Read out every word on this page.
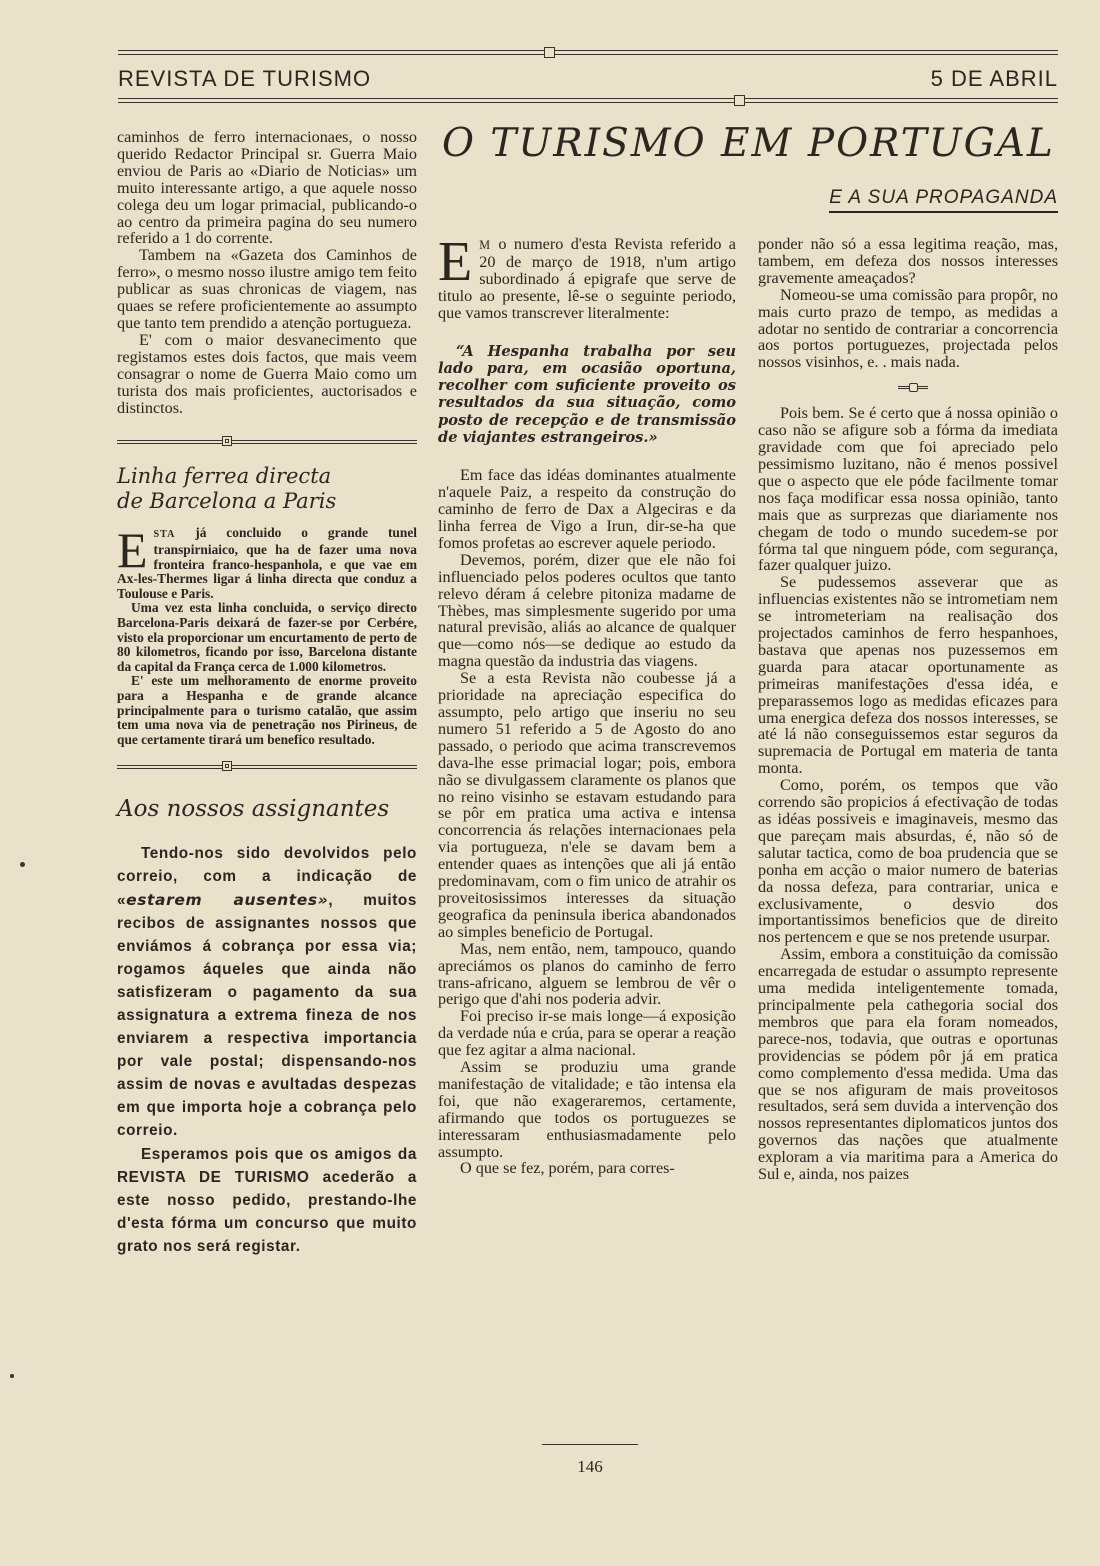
REVISTA DE TURISMO	5 DE ABRIL
O TURISMO EM PORTUGAL
E A SUA PROPAGANDA

caminhos de ferro internacionaes, o nosso querido Redactor Principal sr. Guerra Maio enviou de Paris ao «Diario de Noticias» um muito interessante artigo, a que aquele nosso colega deu um logar primacial, publicando-o ao centro da primeira pagina do seu numero referido a 1 do corrente.

Tambem na «Gazeta dos Caminhos de ferro», o mesmo nosso ilustre amigo tem feito publicar as suas chronicas de viagem, nas quaes se refere proficientemente ao assumpto que tanto tem prendido a atenção portugueza.

E' com o maior desvanecimento que registamos estes dois factos, que mais veem consagrar o nome de Guerra Maio como um turista dos mais proficientes, auctorisados e distinctos.

Linha ferrea directa
de Barcelona a Paris

ESTA já concluido o grande tunel transpirniaico, que ha de fazer uma nova fronteira franco-hespanhola, e que vae em Ax-les-Thermes ligar á linha directa que conduz a Toulouse e Paris.

Uma vez esta linha concluida, o serviço directo Barcelona-Paris deixará de fazer-se por Cerbére, visto ela proporcionar um encurtamento de perto de 80 kilometros, ficando por isso, Barcelona distante da capital da França cerca de 1.000 kilometros.

E' este um melhoramento de enorme proveito para a Hespanha e de grande alcance principalmente para o turismo catalão, que assim tem uma nova via de penetração nos Pirineus, de que certamente tirará um benefico resultado.

Aos nossos assignantes

Tendo-nos sido devolvidos pelo correio, com a indicação de «estarem ausentes», muitos recibos de assignantes nossos que enviámos á cobrança por essa via; rogamos áqueles que ainda não satisfizeram o pagamento da sua assignatura a extrema fineza de nos enviarem a respectiva importancia por vale postal; dispensando-nos assim de novas e avultadas despezas em que importa hoje a cobrança pelo correio.

Esperamos pois que os amigos da REVISTA DE TURISMO acederão a este nosso pedido, prestando-lhe d'esta fórma um concurso que muito grato nos será registar.

E M o numero d'esta Revista referido a 20 de março de 1918, n'um artigo subordinado á epigrafe que serve de titulo ao presente, lê-se o seguinte periodo, que vamos transcrever literalmente:

“A Hespanha trabalha por seu lado para, em ocasião oportuna, recolher com suficiente proveito os resultados da sua situação, como posto de recepção e de transmissão de viajantes estrangeiros.»

Em face das idéas dominantes atualmente n'aquele Paiz, a respeito da construção do caminho de ferro de Dax a Algeciras e da linha ferrea de Vigo a Irun, dir-se-ha que fomos profetas ao escrever aquele periodo.

Devemos, porém, dizer que ele não foi influenciado pelos poderes ocultos que tanto relevo déram á celebre pitoniza madame de Thèbes, mas simplesmente sugerido por uma natural previsão, aliás ao alcance de qualquer que—como nós—se dedique ao estudo da magna questão da industria das viagens.

Se a esta Revista não coubesse já a prioridade na apreciação especifica do assumpto, pelo artigo que inseriu no seu numero 51 referido a 5 de Agosto do ano passado, o periodo que acima transcrevemos dava-lhe esse primacial logar; pois, embora não se divulgassem claramente os planos que no reino visinho se estavam estudando para se pôr em pratica uma activa e intensa concorrencia ás relações internacionaes pela via portugueza, n'ele se davam bem a entender quaes as intenções que ali já então predominavam, com o fim unico de atrahir os proveitosissimos interesses da situação geografica da peninsula iberica abandonados ao simples beneficio de Portugal.

Mas, nem então, nem, tampouco, quando apreciámos os planos do caminho de ferro trans-africano, alguem se lembrou de vêr o perigo que d'ahi nos poderia advir.

Foi preciso ir-se mais longe—á exposição da verdade núa e crúa, para se operar a reação que fez agitar a alma nacional.

Assim se produziu uma grande manifestação de vitalidade; e tão intensa ela foi, que não exageraremos, certamente, afirmando que todos os portuguezes se interessaram enthusiasmadamente pelo assumpto.

O que se fez, porém, para corres-

ponder não só a essa legitima reação, mas, tambem, em defeza dos nossos interesses gravemente ameaçados?

Nomeou-se uma comissão para propôr, no mais curto prazo de tempo, as medidas a adotar no sentido de contrariar a concorrencia aos portos portuguezes, projectada pelos nossos visinhos, e. . mais nada.

Pois bem. Se é certo que á nossa opinião o caso não se afigure sob a fórma da imediata gravidade com que foi apreciado pelo pessimismo luzitano, não é menos possivel que o aspecto que ele póde facilmente tomar nos faça modificar essa nossa opinião, tanto mais que as surprezas que diariamente nos chegam de todo o mundo sucedem-se por fórma tal que ninguem póde, com segurança, fazer qualquer juizo.

Se pudessemos asseverar que as influencias existentes não se intrometiam nem se intrometeriam na realisação dos projectados caminhos de ferro hespanhoes, bastava que apenas nos puzessemos em guarda para atacar oportunamente as primeiras manifestações d'essa idéa, e preparassemos logo as medidas eficazes para uma energica defeza dos nossos interesses, se até lá não conseguissemos estar seguros da supremacia de Portugal em materia de tanta monta.

Como, porém, os tempos que vão correndo são propicios á efectivação de todas as idéas possiveis e imaginaveis, mesmo das que pareçam mais absurdas, é, não só de salutar tactica, como de boa prudencia que se ponha em acção o maior numero de baterias da nossa defeza, para contrariar, unica e exclusivamente, o desvio dos importantissimos beneficios que de direito nos pertencem e que se nos pretende usurpar.

Assim, embora a constituição da comissão encarregada de estudar o assumpto represente uma medida inteligentemente tomada, principalmente pela cathegoria social dos membros que para ela foram nomeados, parece-nos, todavia, que outras e oportunas providencias se pódem pôr já em pratica como complemento d'essa medida. Uma das que se nos afiguram de mais proveitosos resultados, será sem duvida a intervenção dos nossos representantes diplomaticos juntos dos governos das nações que atualmente exploram a via maritima para a America do Sul e, ainda, nos paizes

146
